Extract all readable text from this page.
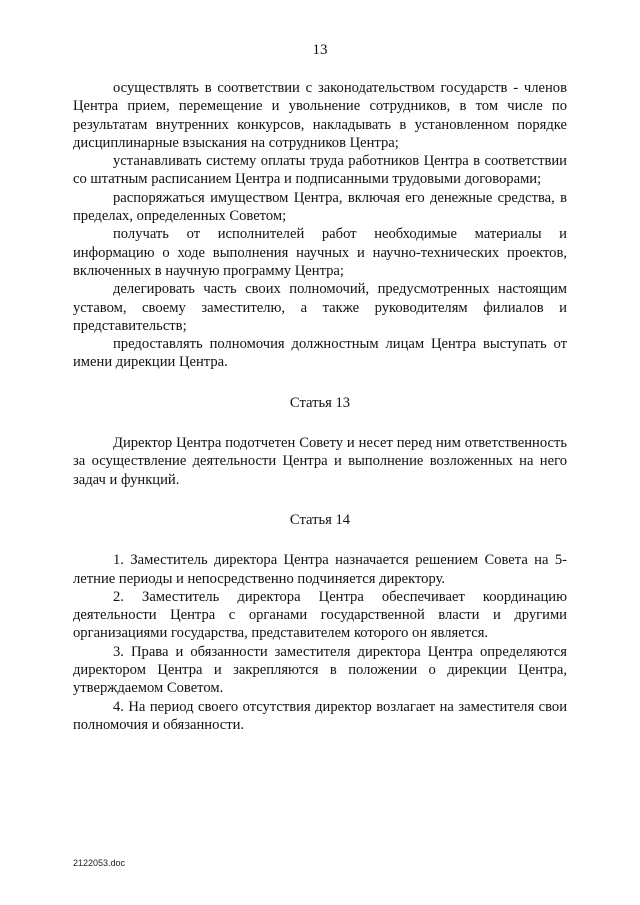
13

осуществлять в соответствии с законодательством государств - членов Центра прием, перемещение и увольнение сотрудников, в том числе по результатам внутренних конкурсов, накладывать в установленном порядке дисциплинарные взыскания на сотрудников Центра;

устанавливать систему оплаты труда работников Центра в соответствии со штатным расписанием Центра и подписанными трудовыми договорами;

распоряжаться имуществом Центра, включая его денежные средства, в пределах, определенных Советом;

получать от исполнителей работ необходимые материалы и информацию о ходе выполнения научных и научно-технических проектов, включенных в научную программу Центра;

делегировать часть своих полномочий, предусмотренных настоящим уставом, своему заместителю, а также руководителям филиалов и представительств;

предоставлять полномочия должностным лицам Центра выступать от имени дирекции Центра.

Статья 13

Директор Центра подотчетен Совету и несет перед ним ответственность за осуществление деятельности Центра и выполнение возложенных на него задач и функций.

Статья 14

1. Заместитель директора Центра назначается решением Совета на 5-летние периоды и непосредственно подчиняется директору.

2. Заместитель директора Центра обеспечивает координацию деятельности Центра с органами государственной власти и другими организациями государства, представителем которого он является.

3. Права и обязанности заместителя директора Центра определяются директором Центра и закрепляются в положении о дирекции Центра, утверждаемом Советом.

4. На период своего отсутствия директор возлагает на заместителя свои полномочия и обязанности.

2122053.doc
